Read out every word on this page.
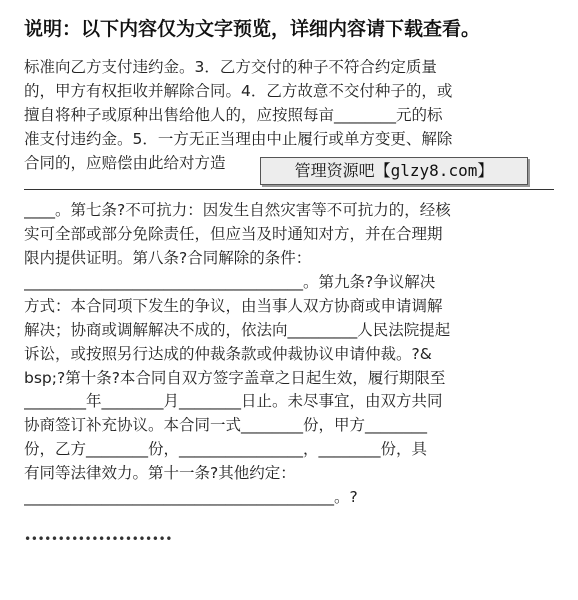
说明：以下内容仅为文字预览，详细内容请下载查看。
标准向乙方支付违约金。3．乙方交付的种子不符合约定质量
的，甲方有权拒收并解除合同。4．乙方故意不交付种子的，或
擅自将种子或原种出售给他人的，应按照每亩________元的标
准支付违约金。5．一方无正当理由中止履行或单方变更、解除
合同的，应赔偿由此给对方造
____。第七条?不可抗力：因发生自然灾害等不可抗力的，经核
实可全部或部分免除责任，但应当及时通知对方，并在合理期
限内提供证明。第八条?合同解除的条件：
____________________________________。第九条?争议解决
方式：本合同项下发生的争议，由当事人双方协商或申请调解
解决；协商或调解解决不成的，依法向_________人民法院提起
诉讼，或按照另行达成的仲裁条款或仲裁协议申请仲裁。?&
bsp;?第十条?本合同自双方签字盖章之日起生效，履行期限至
________年________月________日止。未尽事宜，由双方共同
协商签订补充协议。本合同一式________份，甲方________
份，乙方________份，________________，________份，具
有同等法律效力。第十一条?其他约定：
________________________________________。?
管理资源吧【glzy8.com】
••••••••••••••••••••••
